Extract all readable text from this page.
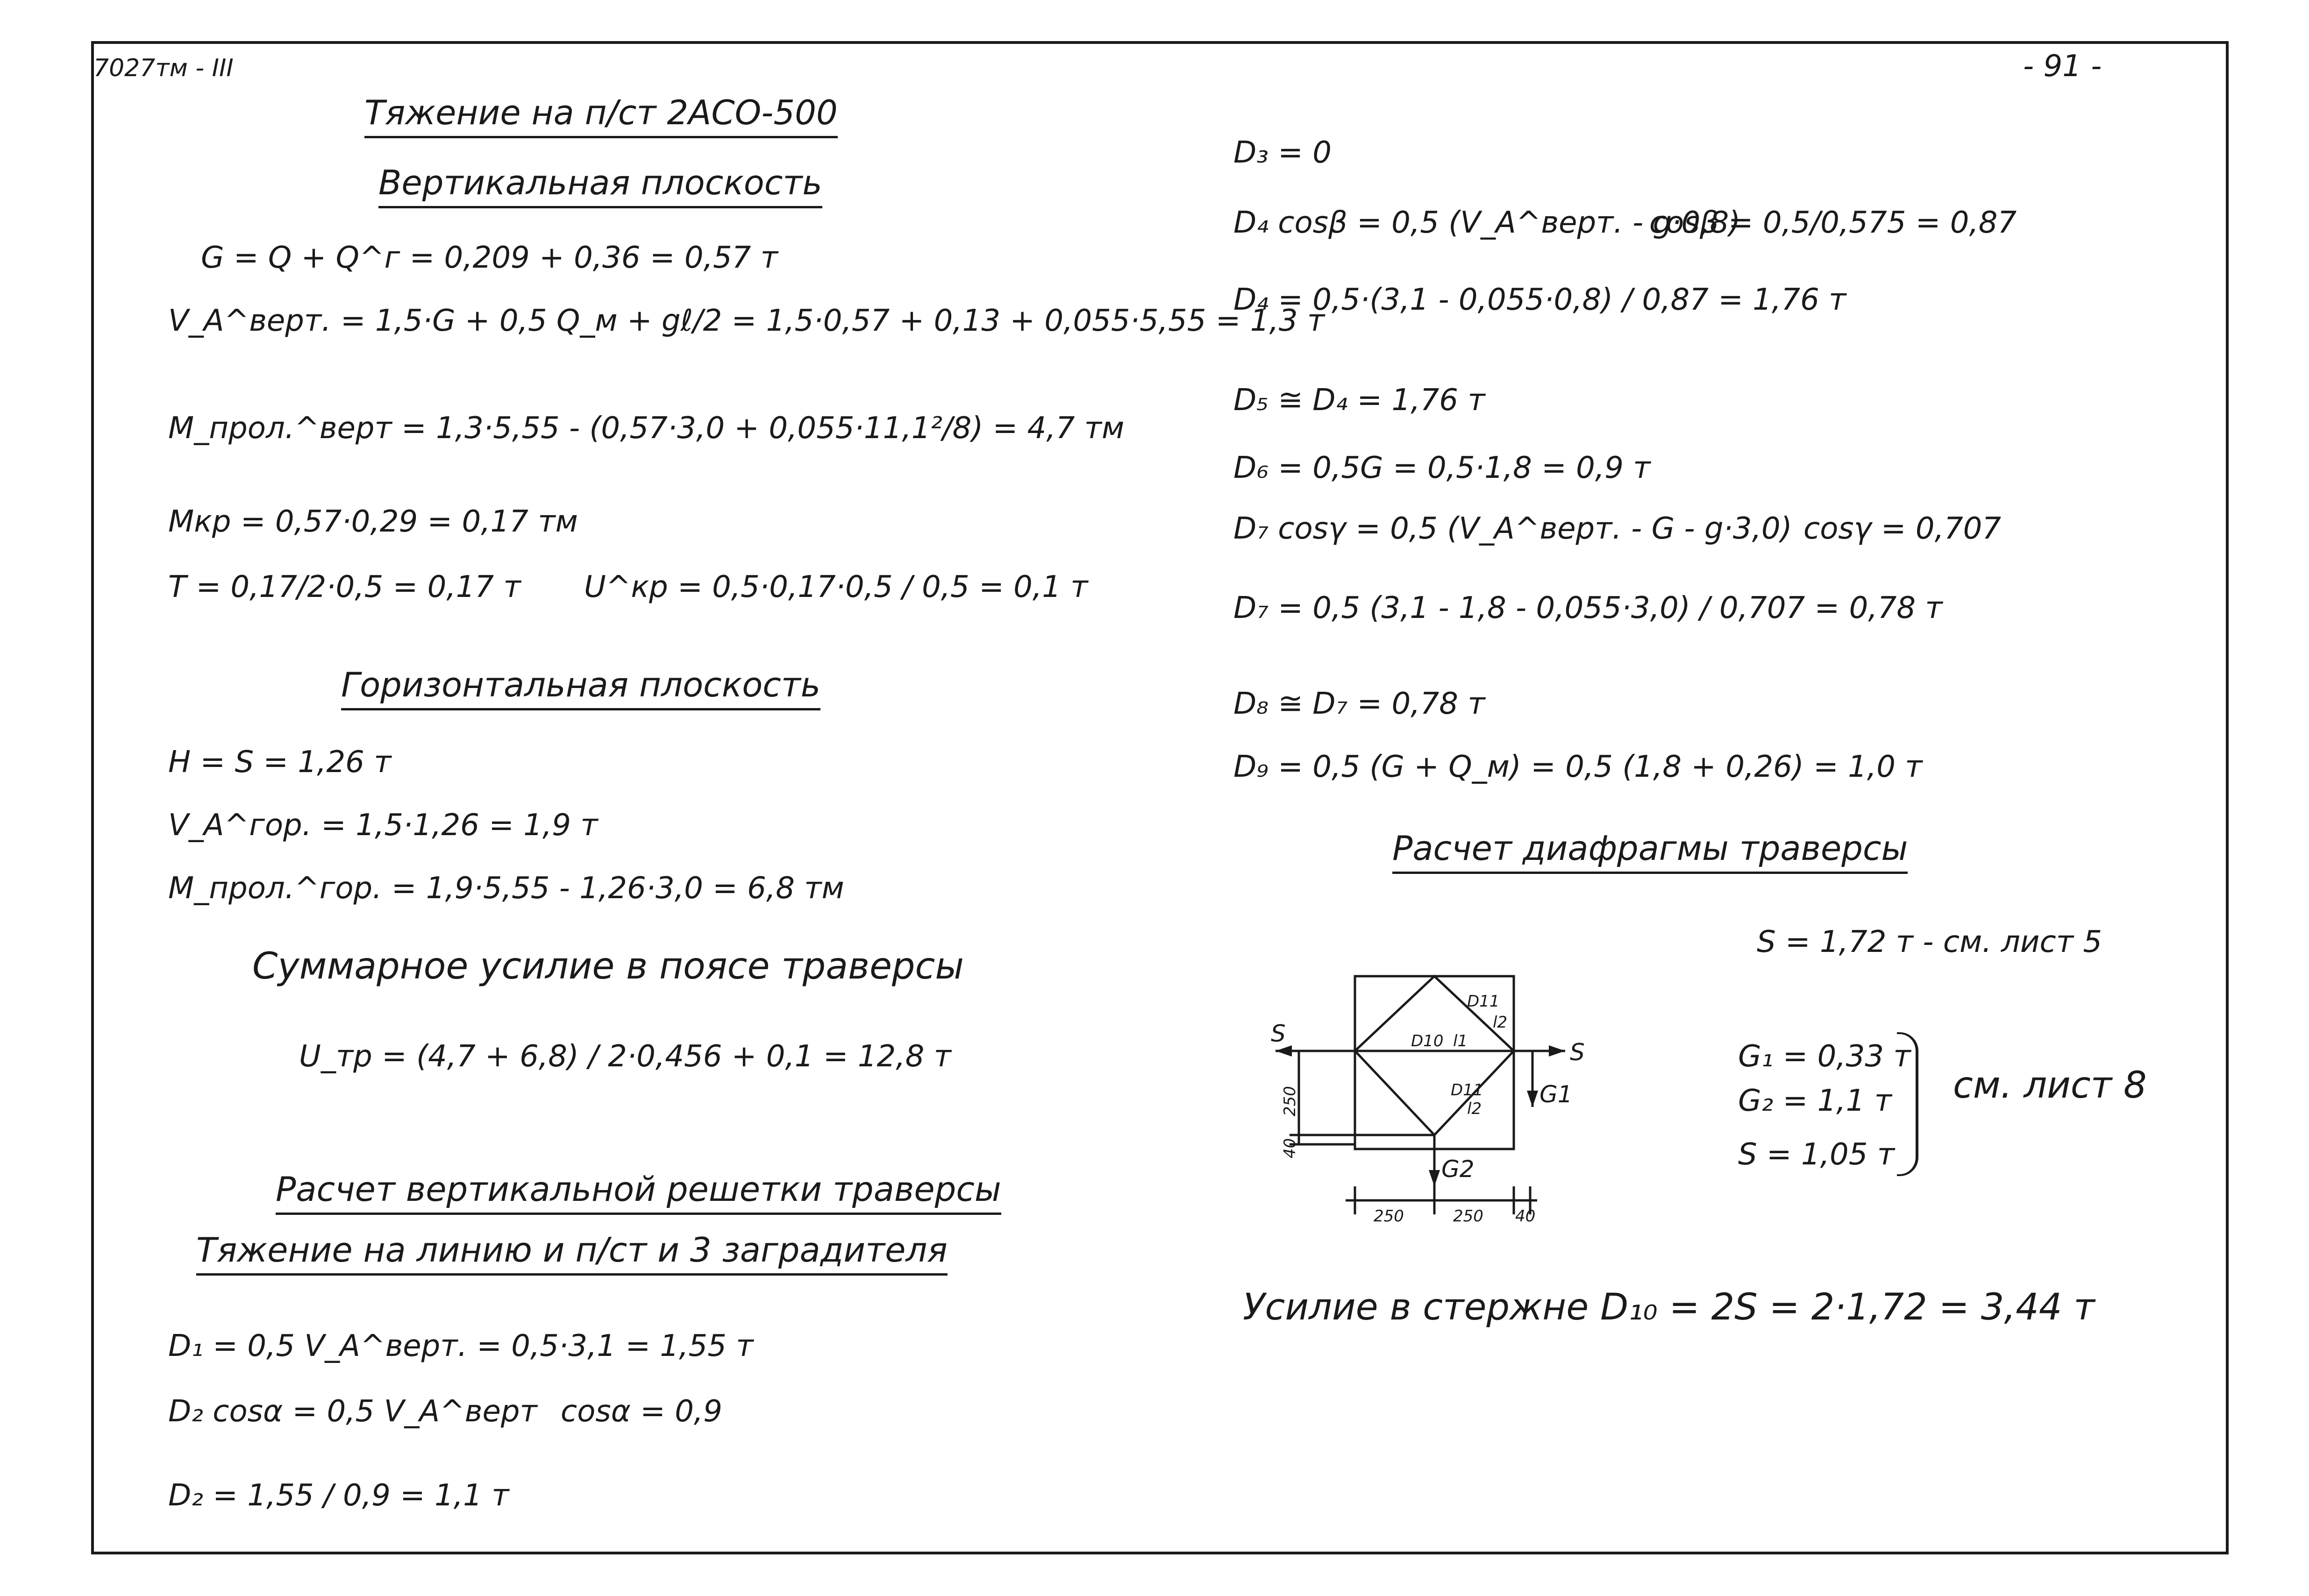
7027тм - III	- 91 -
Тяжение на п/ст 2АСО-500
Вертикальная плоскость
G = Q + Q^г = 0,209 + 0,36 = 0,57 т
V_A^верт. = 1,5·G + 0,5 Q_м + gℓ/2 = 1,5·0,57 + 0,13 + 0,055·5,55 = 1,3 т
M_прол.^верт = 1,3·5,55 - (0,57·3,0 + 0,055·11,1²/8) = 4,7 тм
Mкр = 0,57·0,29 = 0,17 тм
T = 0,17/2·0,5 = 0,17 т U^кр = 0,5·0,17·0,5 / 0,5 = 0,1 т
Горизонтальная плоскость
H = S = 1,26 т
V_A^гор. = 1,5·1,26 = 1,9 т
M_прол.^гор. = 1,9·5,55 - 1,26·3,0 = 6,8 тм
Суммарное усилие в поясе траверсы
U_тр = (4,7 + 6,8) / 2·0,456 + 0,1 = 12,8 т
Расчет вертикальной решетки траверсы
Тяжение на линию и п/ст и 3 заградителя
D₁ = 0,5 V_A^верт. = 0,5·3,1 = 1,55 т
D₂ cosα = 0,5 V_A^верт cosα = 0,9
D₂ = 1,55 / 0,9 = 1,1 т
D₃ = 0
D₄ cosβ = 0,5 (V_A^верт. - g·0,8)
cosβ = 0,5/0,575 = 0,87
D₄ = 0,5·(3,1 - 0,055·0,8) / 0,87 = 1,76 т
D₅ ≅ D₄ = 1,76 т
D₆ = 0,5G = 0,5·1,8 = 0,9 т
D₇ cosγ = 0,5 (V_A^верт. - G - g·3,0) cosγ = 0,707
D₇ = 0,5 (3,1 - 1,8 - 0,055·3,0) / 0,707 = 0,78 т
D₈ ≅ D₇ = 0,78 т
D₉ = 0,5 (G + Q_м) = 0,5 (1,8 + 0,26) = 1,0 т
Расчет диафрагмы траверсы
S = 1,72 т - см. лист 5
G₁ = 0,33 т
G₂ = 1,1 т
S = 1,05 т
см. лист 8
Усилие в стержне D₁₀ = 2S = 2·1,72 = 3,44 т
S
S
G1
G2
D10 l1
D11
l2
D11
l2
250	250 40
250
40
